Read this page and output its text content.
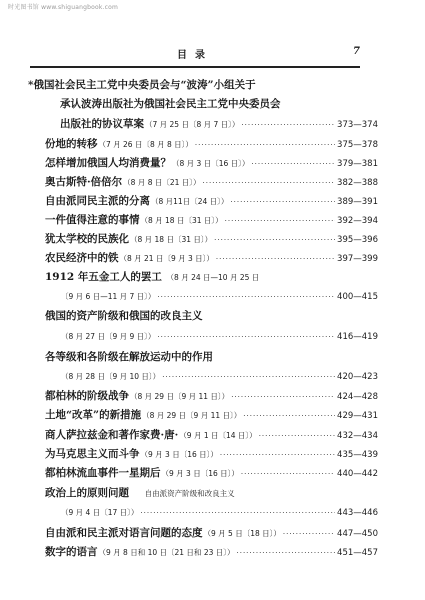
时光图书馆 www.shiguangbook.com
目录	7
*俄国社会民主工党中央委员会与“波涛”小组关于
承认波涛出版社为俄国社会民主工党中央委员会
出版社的协议草案 （7 月 25 日〔8 月 7 日〕） ·····	373—374
份地的转移 （7 月 26 日〔8 月 8 日〕） ·····	375—378
怎样增加俄国人均消费量？ （8 月 3 日〔16 日〕） ·····	379—381
奥古斯特·倍倍尔 （8 月 8 日〔21 日〕） ·····	382—388
自由派同民主派的分离 （8 月11日〔24 日〕） ·····	389—391
一件值得注意的事情 （8 月 18 日〔31 日〕） ·····	392—394
犹太学校的民族化 （8 月 18 日〔31 日〕） ·····	395—396
农民经济中的铁 （8 月 21 日〔9 月 3 日〕） ·····	397—399
1912 年五金工人的罢工 （8 月 24 日—10 月 25 日
〔9 月 6 日—11 月 7 日〕） ·····	400—415
俄国的资产阶级和俄国的改良主义
（8 月 27 日〔9 月 9 日〕） ·····	416—419
各等级和各阶级在解放运动中的作用
（8 月 28 日〔9 月 10 日〕） ·····	420—423
都柏林的阶级战争 （8 月 29 日〔9 月 11 日〕） ·····	424—428
土地“改革”的新措施 （8 月 29 日〔9 月 11 日〕） ·····	429—431
商人萨拉兹金和著作家费·唐· （9 月 1 日〔14 日〕） ·····	432—434
为马克思主义而斗争 （9 月 3 日〔16 日〕） ·····	435—439
都柏林流血事件一星期后 （9 月 3 日〔16 日〕） ·····	440—442
政治上的原则问题 自由派资产阶级和改良主义
（9 月 4 日〔17 日〕） ·····	443—446
自由派和民主派对语言问题的态度 （9 月 5 日〔18 日〕） ·····	447—450
数字的语言 （9 月 8 日和 10 日〔21 日和 23 日〕） ·····	451—457
